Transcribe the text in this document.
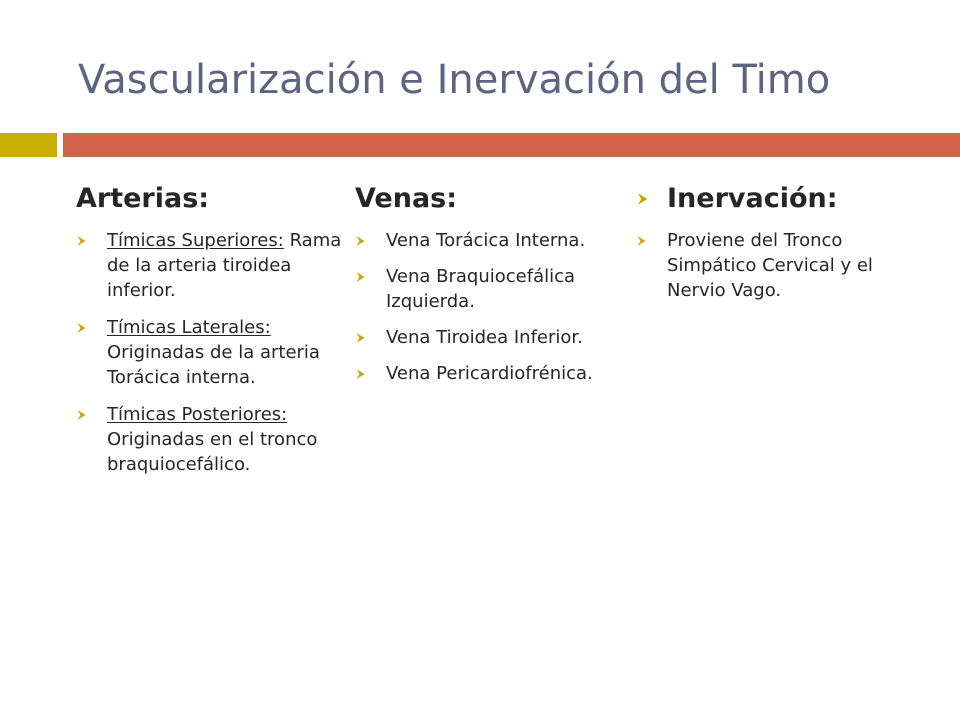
Vascularización e Inervación del Timo
Arterias:
Tímicas Superiores: Rama de la arteria tiroidea inferior.
Tímicas Laterales: Originadas de la arteria Torácica interna.
Tímicas Posteriores: Originadas en el tronco braquiocefálico.
Venas:
Vena Torácica Interna.
Vena Braquiocefálica Izquierda.
Vena Tiroidea Inferior.
Vena Pericardiofrénica.
Inervación:
Proviene del Tronco Simpático Cervical y el Nervio Vago.
